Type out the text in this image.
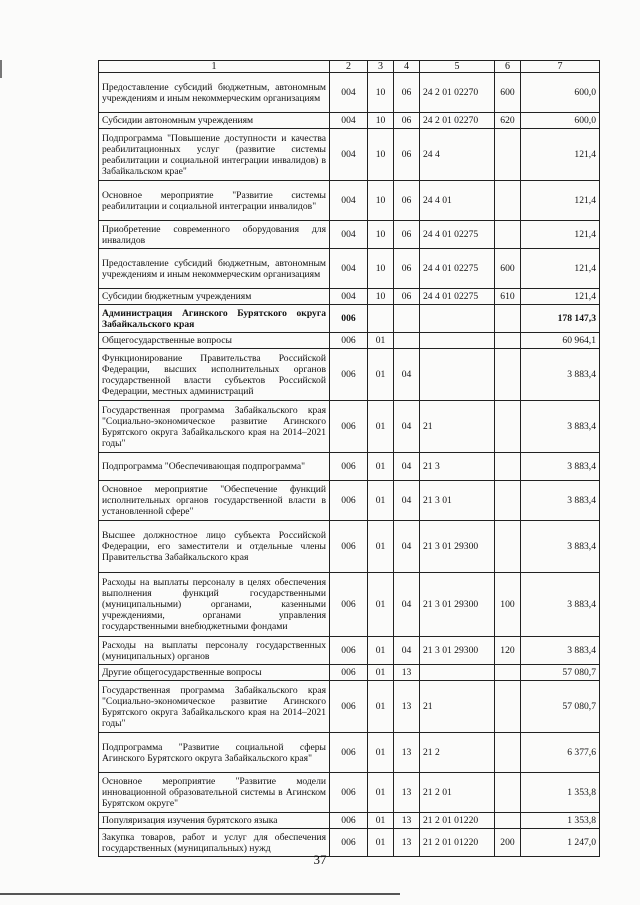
1	2	3	4	5	6	7
Предоставление субсидий бюджетным, автономным учреждениям и иным некоммерческим организациям	004	10	06	24 2 01 02270	600	600,0
Субсидии автономным учреждениям	004	10	06	24 2 01 02270	620	600,0
Подпрограмма "Повышение доступности и качества реабилитационных услуг (развитие системы реабилитации и социальной интеграции инвалидов) в Забайкальском крае"	004	10	06	24 4		121,4
Основное мероприятие "Развитие системы реабилитации и социальной интеграции инвалидов"	004	10	06	24 4 01		121,4
Приобретение современного оборудования для инвалидов	004	10	06	24 4 01 02275		121,4
Предоставление субсидий бюджетным, автономным учреждениям и иным некоммерческим организациям	004	10	06	24 4 01 02275	600	121,4
Субсидии бюджетным учреждениям	004	10	06	24 4 01 02275	610	121,4
Администрация Агинского Бурятского округа Забайкальского края	006					178 147,3
Общегосударственные вопросы	006	01				60 964,1
Функционирование Правительства Российской Федерации, высших исполнительных органов государственной власти субъектов Российской Федерации, местных администраций	006	01	04			3 883,4
Государственная программа Забайкальского края "Социально-экономическое развитие Агинского Бурятского округа Забайкальского края на 2014–2021 годы"	006	01	04	21		3 883,4
Подпрограмма "Обеспечивающая подпрограмма"	006	01	04	21 3		3 883,4
Основное мероприятие "Обеспечение функций исполнительных органов государственной власти в установленной сфере"	006	01	04	21 3 01		3 883,4
Высшее должностное лицо субъекта Российской Федерации, его заместители и отдельные члены Правительства Забайкальского края	006	01	04	21 3 01 29300		3 883,4
Расходы на выплаты персоналу в целях обеспечения выполнения функций государственными (муниципальными) органами, казенными учреждениями, органами управления государственными внебюджетными фондами	006	01	04	21 3 01 29300	100	3 883,4
Расходы на выплаты персоналу государственных (муниципальных) органов	006	01	04	21 3 01 29300	120	3 883,4
Другие общегосударственные вопросы	006	01	13			57 080,7
Государственная программа Забайкальского края "Социально-экономическое развитие Агинского Бурятского округа Забайкальского края на 2014–2021 годы"	006	01	13	21		57 080,7
Подпрограмма "Развитие социальной сферы Агинского Бурятского округа Забайкальского края"	006	01	13	21 2		6 377,6
Основное мероприятие "Развитие модели инновационной образовательной системы в Агинском Бурятском округе"	006	01	13	21 2 01		1 353,8
Популяризация изучения бурятского языка	006	01	13	21 2 01 01220		1 353,8
Закупка товаров, работ и услуг для обеспечения государственных (муниципальных) нужд	006	01	13	21 2 01 01220	200	1 247,0
37
